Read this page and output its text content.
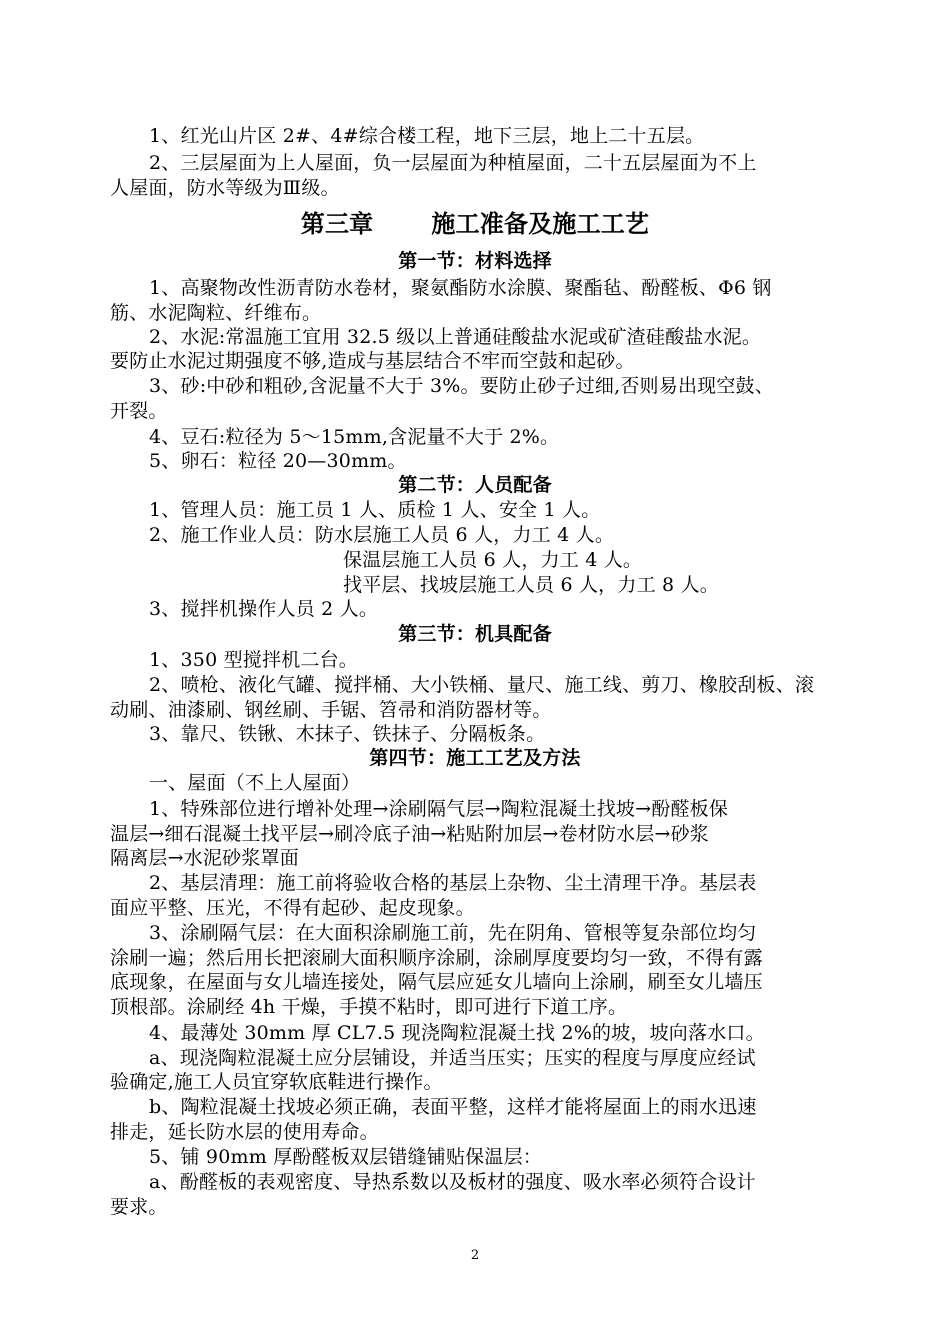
1、红光山片区 2#、4#综合楼工程，地下三层，地上二十五层。
2、三层屋面为上人屋面，负一层屋面为种植屋面，二十五层屋面为不上
人屋面，防水等级为Ⅲ级。
第三章 施工准备及施工工艺
第一节：材料选择
1、高聚物改性沥青防水卷材，聚氨酯防水涂膜、聚酯毡、酚醛板、Φ6 钢
筋、水泥陶粒、纤维布。
2、水泥:常温施工宜用 32.5 级以上普通硅酸盐水泥或矿渣硅酸盐水泥。
要防止水泥过期强度不够,造成与基层结合不牢而空鼓和起砂。
3、砂:中砂和粗砂,含泥量不大于 3%。要防止砂子过细,否则易出现空鼓、
开裂。
4、豆石:粒径为 5～15mm,含泥量不大于 2%。
5、卵石：粒径 20—30mm。
第二节：人员配备
1、管理人员：施工员 1 人、质检 1 人、安全 1 人。
2、施工作业人员：防水层施工人员 6 人，力工 4 人。
保温层施工人员 6 人，力工 4 人。
找平层、找坡层施工人员 6 人，力工 8 人。
3、搅拌机操作人员 2 人。
第三节：机具配备
1、350 型搅拌机二台。
2、喷枪、液化气罐、搅拌桶、大小铁桶、量尺、施工线、剪刀、橡胶刮板、滚
动刷、油漆刷、钢丝刷、手锯、笤帚和消防器材等。
3、靠尺、铁锹、木抹子、铁抹子、分隔板条。
第四节：施工工艺及方法
一、屋面（不上人屋面）
1、特殊部位进行增补处理→涂刷隔气层→陶粒混凝土找坡→酚醛板保
温层→细石混凝土找平层→刷冷底子油→粘贴附加层→卷材防水层→砂浆
隔离层→水泥砂浆罩面
2、基层清理：施工前将验收合格的基层上杂物、尘土清理干净。基层表
面应平整、压光，不得有起砂、起皮现象。
3、涂刷隔气层：在大面积涂刷施工前，先在阴角、管根等复杂部位均匀
涂刷一遍；然后用长把滚刷大面积顺序涂刷，涂刷厚度要均匀一致，不得有露
底现象，在屋面与女儿墙连接处，隔气层应延女儿墙向上涂刷，刷至女儿墙压
顶根部。涂刷经 4h 干燥，手摸不粘时，即可进行下道工序。
4、最薄处 30mm 厚 CL7.5 现浇陶粒混凝土找 2%的坡，坡向落水口。
a、现浇陶粒混凝土应分层铺设，并适当压实；压实的程度与厚度应经试
验确定,施工人员宜穿软底鞋进行操作。
b、陶粒混凝土找坡必须正确，表面平整，这样才能将屋面上的雨水迅速
排走，延长防水层的使用寿命。
5、铺 90mm 厚酚醛板双层错缝铺贴保温层：
a、酚醛板的表观密度、导热系数以及板材的强度、吸水率必须符合设计
要求。
2
